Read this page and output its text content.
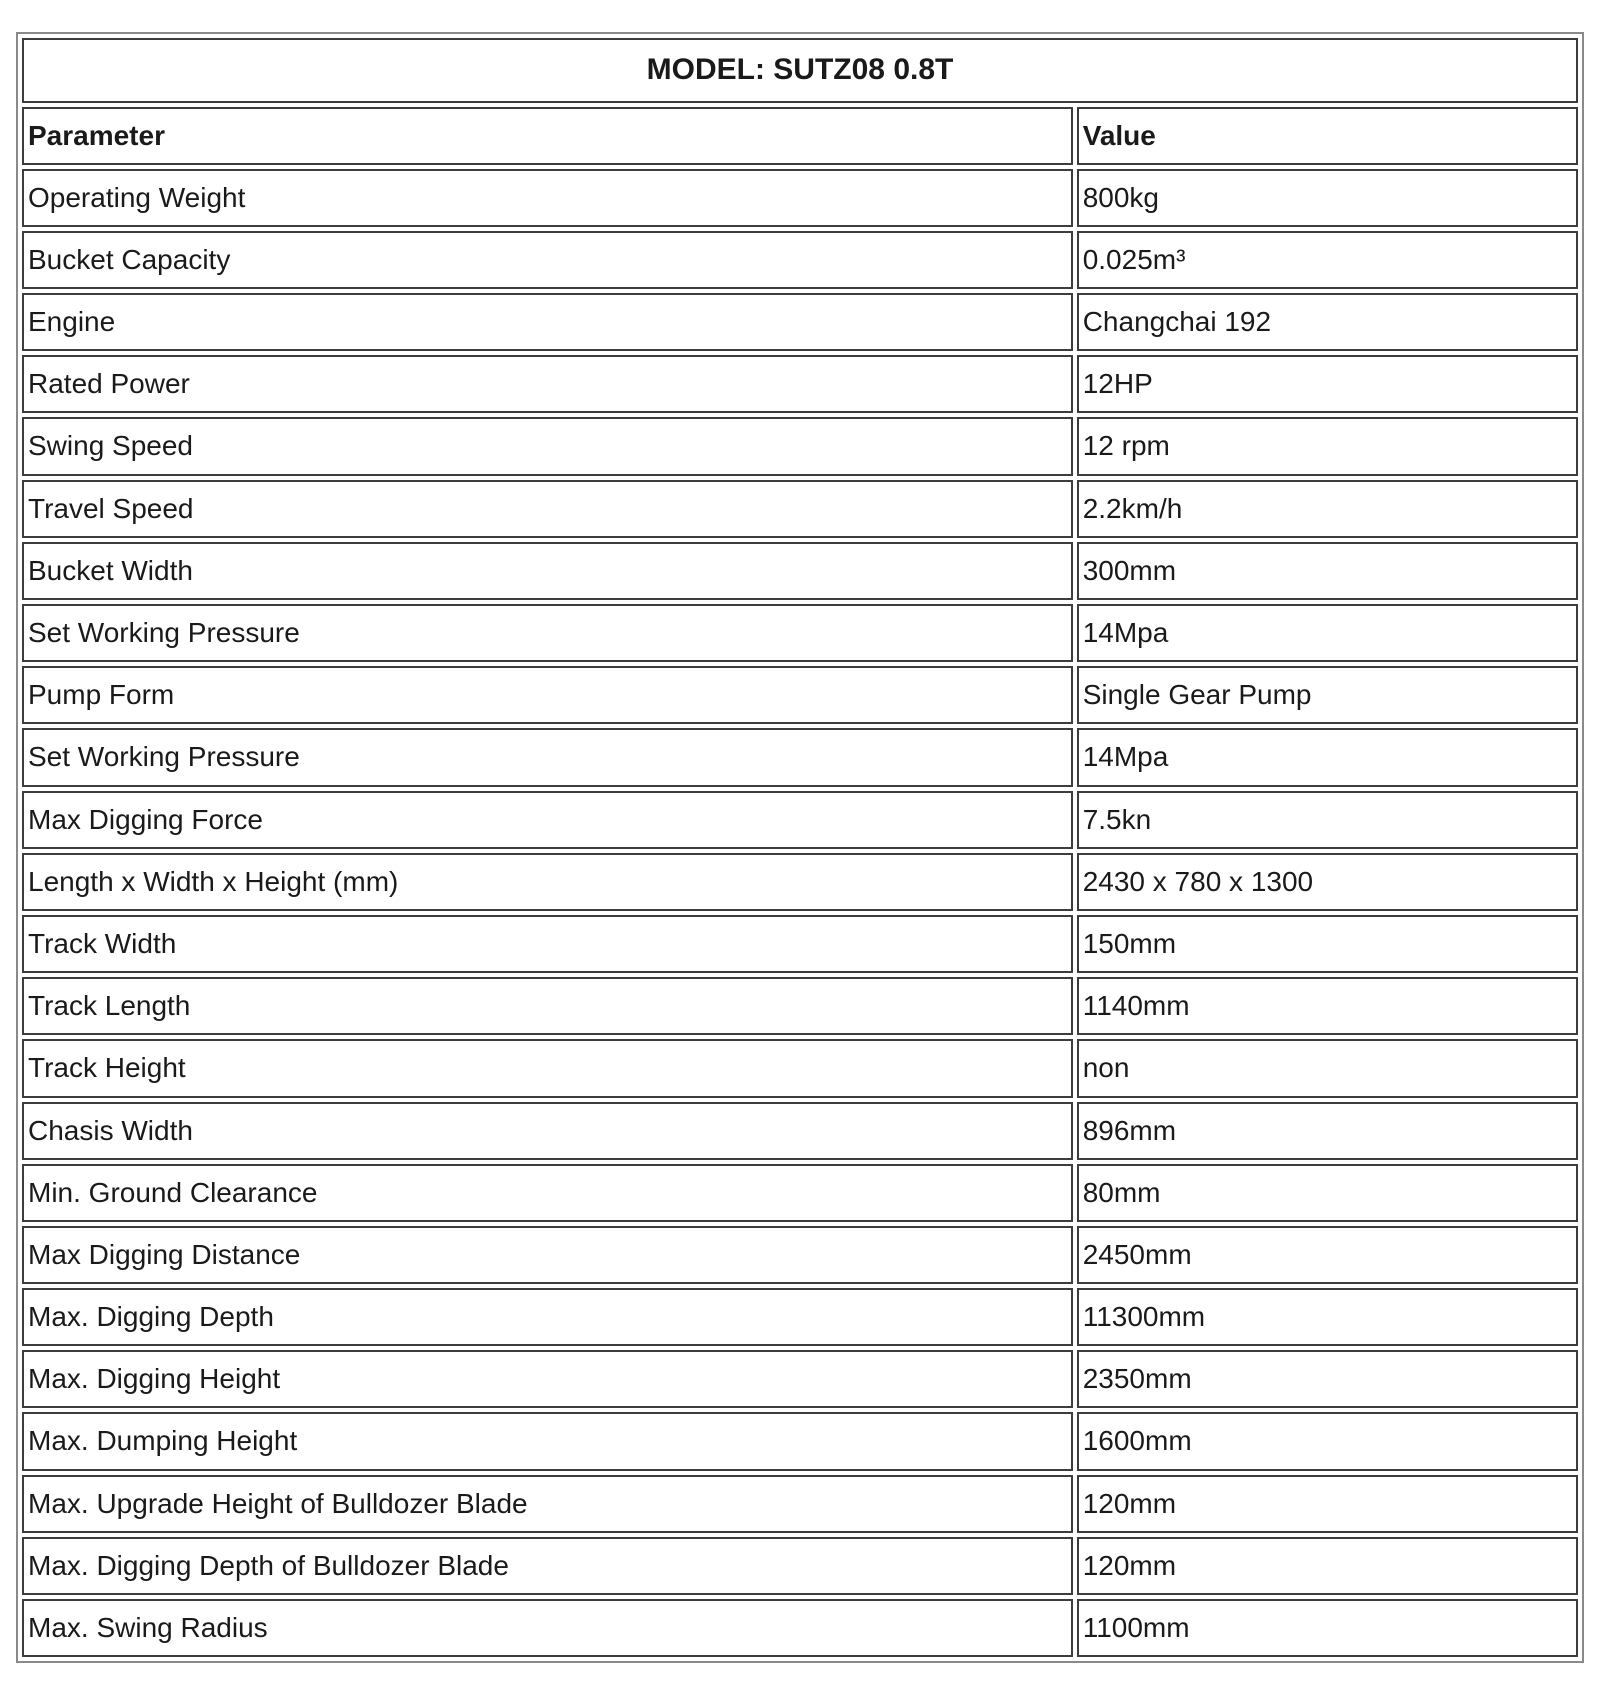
MODEL: SUTZ08 0.8T	
Parameter	Value
Operating Weight	800kg
Bucket Capacity	0.025m³
Engine	Changchai 192
Rated Power	12HP
Swing Speed	12 rpm
Travel Speed	2.2km/h
Bucket Width	300mm
Set Working Pressure	14Mpa
Pump Form	Single Gear Pump
Set Working Pressure	14Mpa
Max Digging Force	7.5kn
Length x Width x Height (mm)	2430 x 780 x 1300
Track Width	150mm
Track Length	1140mm
Track Height	non
Chasis Width	896mm
Min. Ground Clearance	80mm
Max Digging Distance	2450mm
Max. Digging Depth	11300mm
Max. Digging Height	2350mm
Max. Dumping Height	1600mm
Max. Upgrade Height of Bulldozer Blade	120mm
Max. Digging Depth of Bulldozer Blade	120mm
Max. Swing Radius	1100mm
